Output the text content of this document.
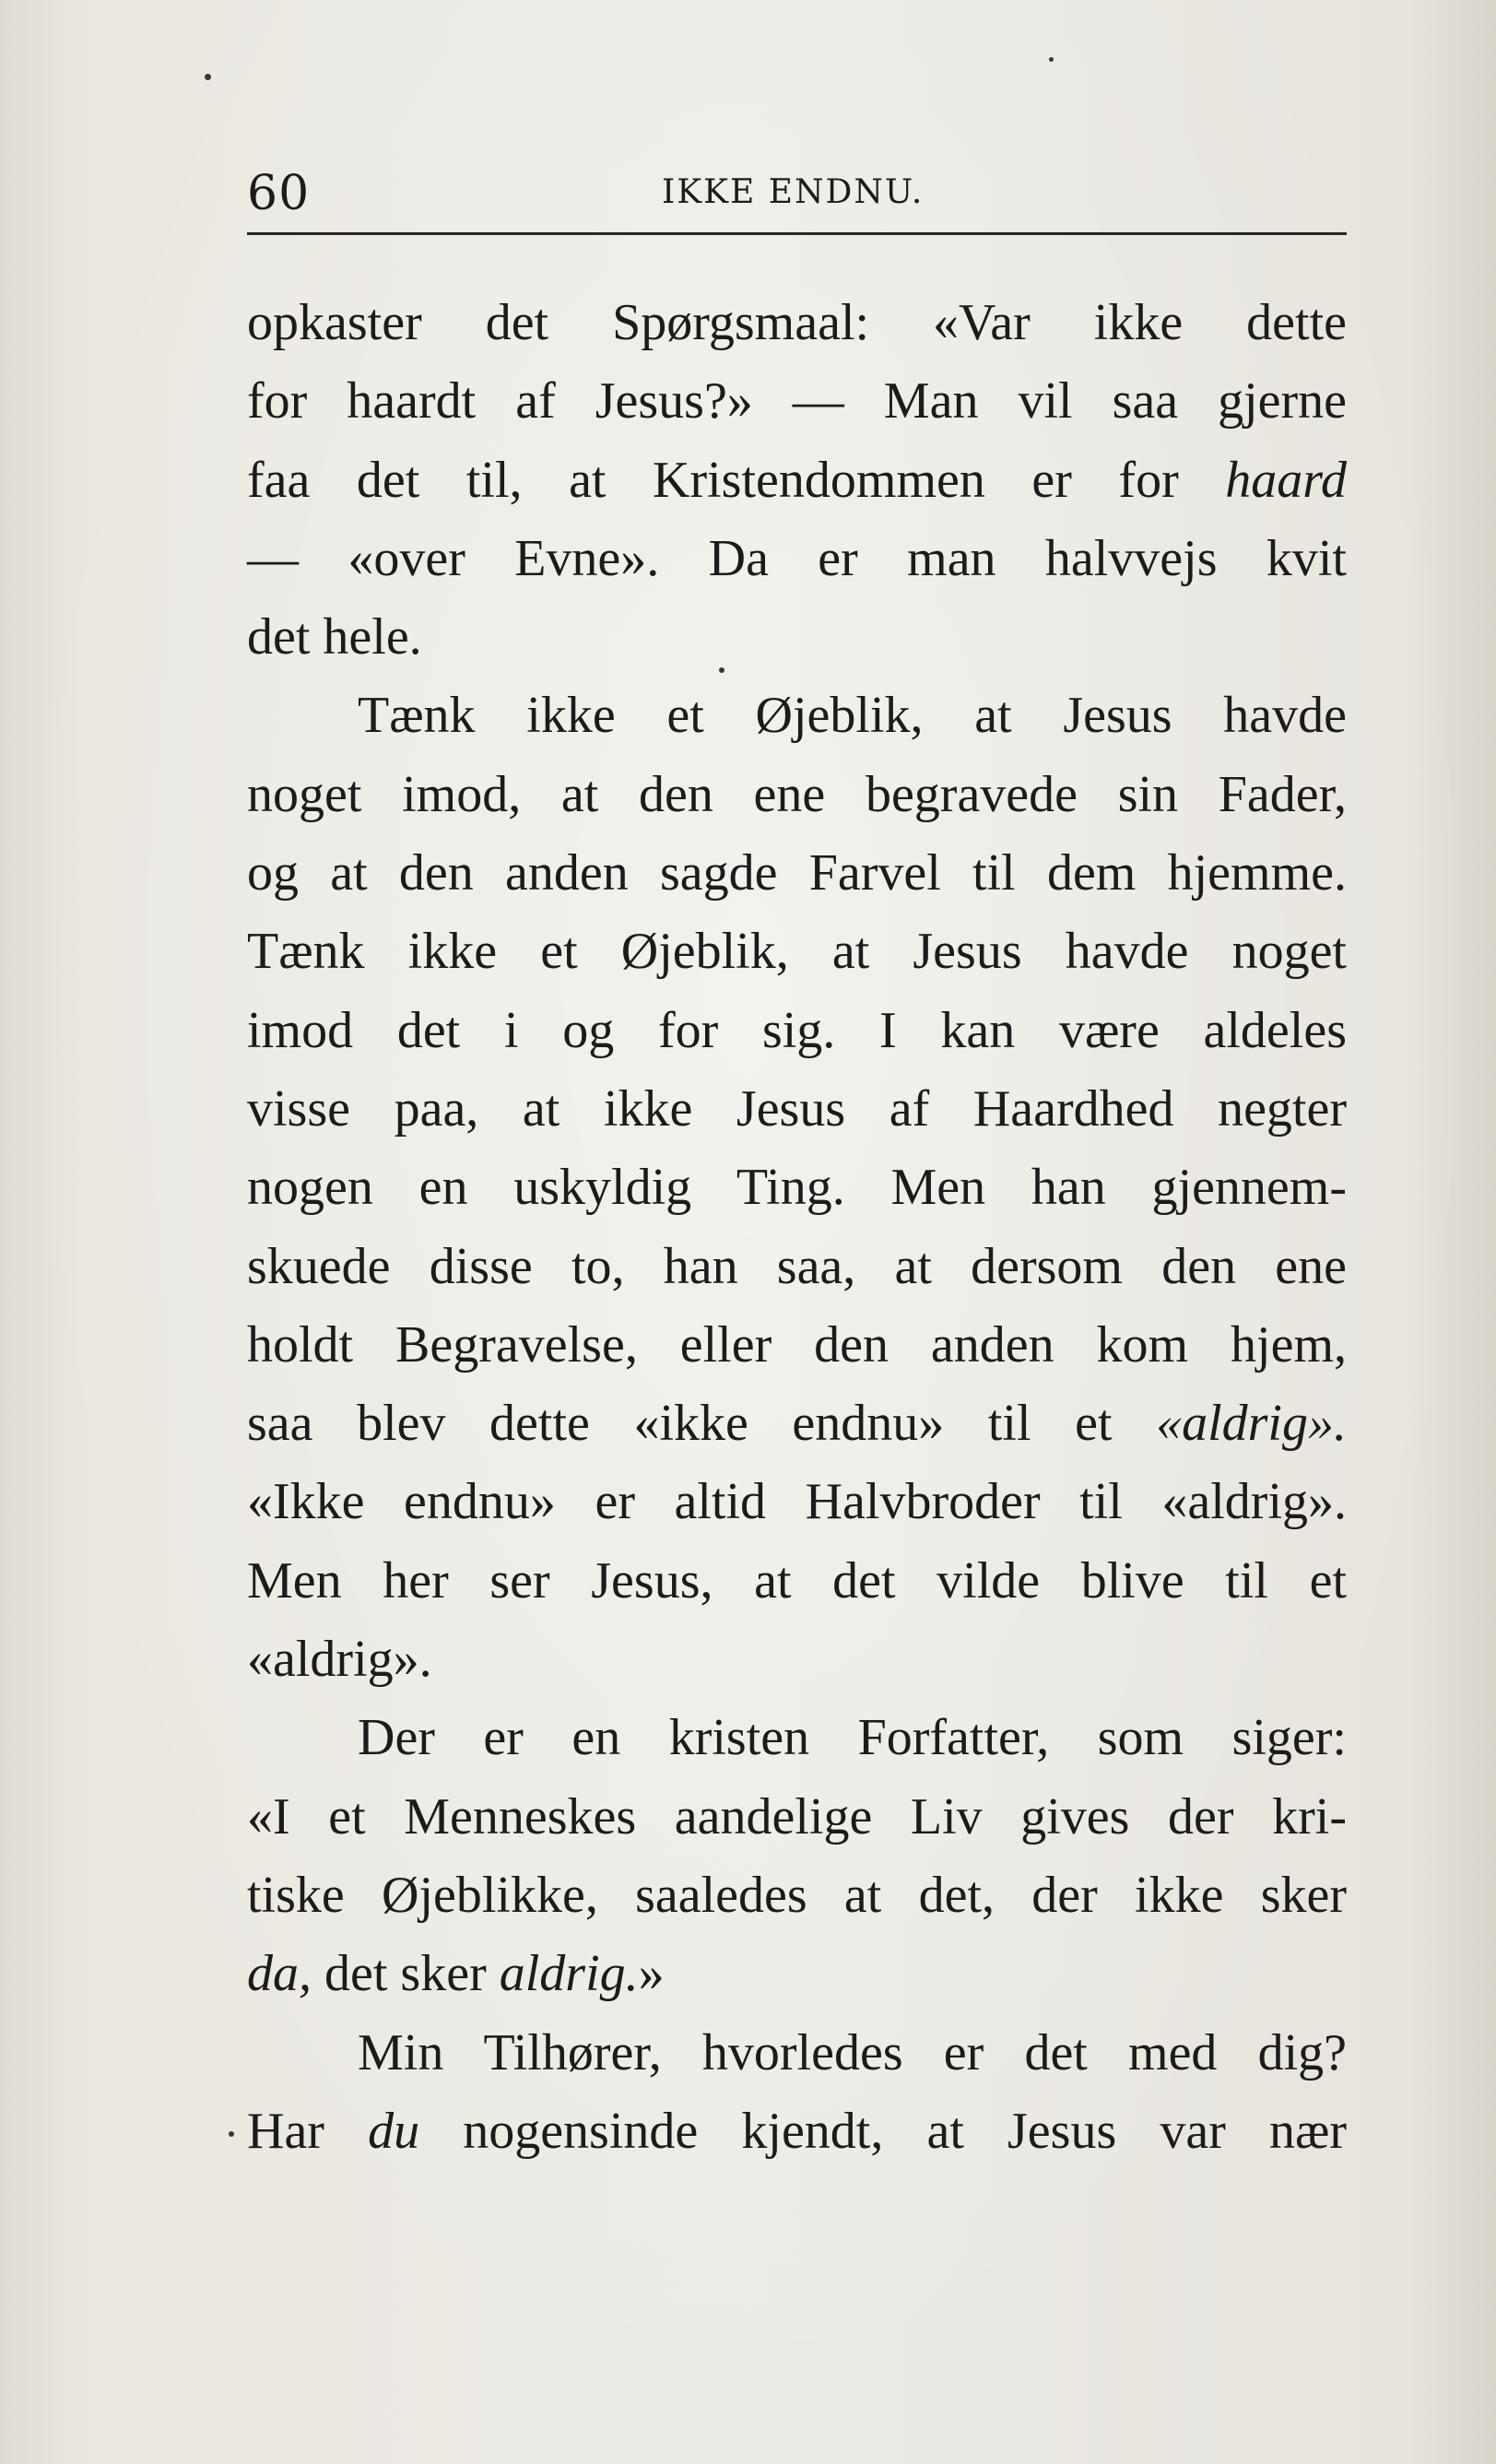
60	IKKE ENDNU.
opkaster det Spørgsmaal: «Var ikke dette
for haardt af Jesus?» — Man vil saa gjerne
faa det til, at Kristendommen er for haard
— «over Evne». Da er man halvvejs kvit
det hele.
Tænk ikke et Øjeblik, at Jesus havde
noget imod, at den ene begravede sin Fader,
og at den anden sagde Farvel til dem hjemme.
Tænk ikke et Øjeblik, at Jesus havde noget
imod det i og for sig. I kan være aldeles
visse paa, at ikke Jesus af Haardhed negter
nogen en uskyldig Ting. Men han gjennem-
skuede disse to, han saa, at dersom den ene
holdt Begravelse, eller den anden kom hjem,
saa blev dette «ikke endnu» til et «aldrig».
«Ikke endnu» er altid Halvbroder til «aldrig».
Men her ser Jesus, at det vilde blive til et
«aldrig».
Der er en kristen Forfatter, som siger:
«I et Menneskes aandelige Liv gives der kri-
tiske Øjeblikke, saaledes at det, der ikke sker
da, det sker aldrig.»
Min Tilhører, hvorledes er det med dig?
Har du nogensinde kjendt, at Jesus var nær
